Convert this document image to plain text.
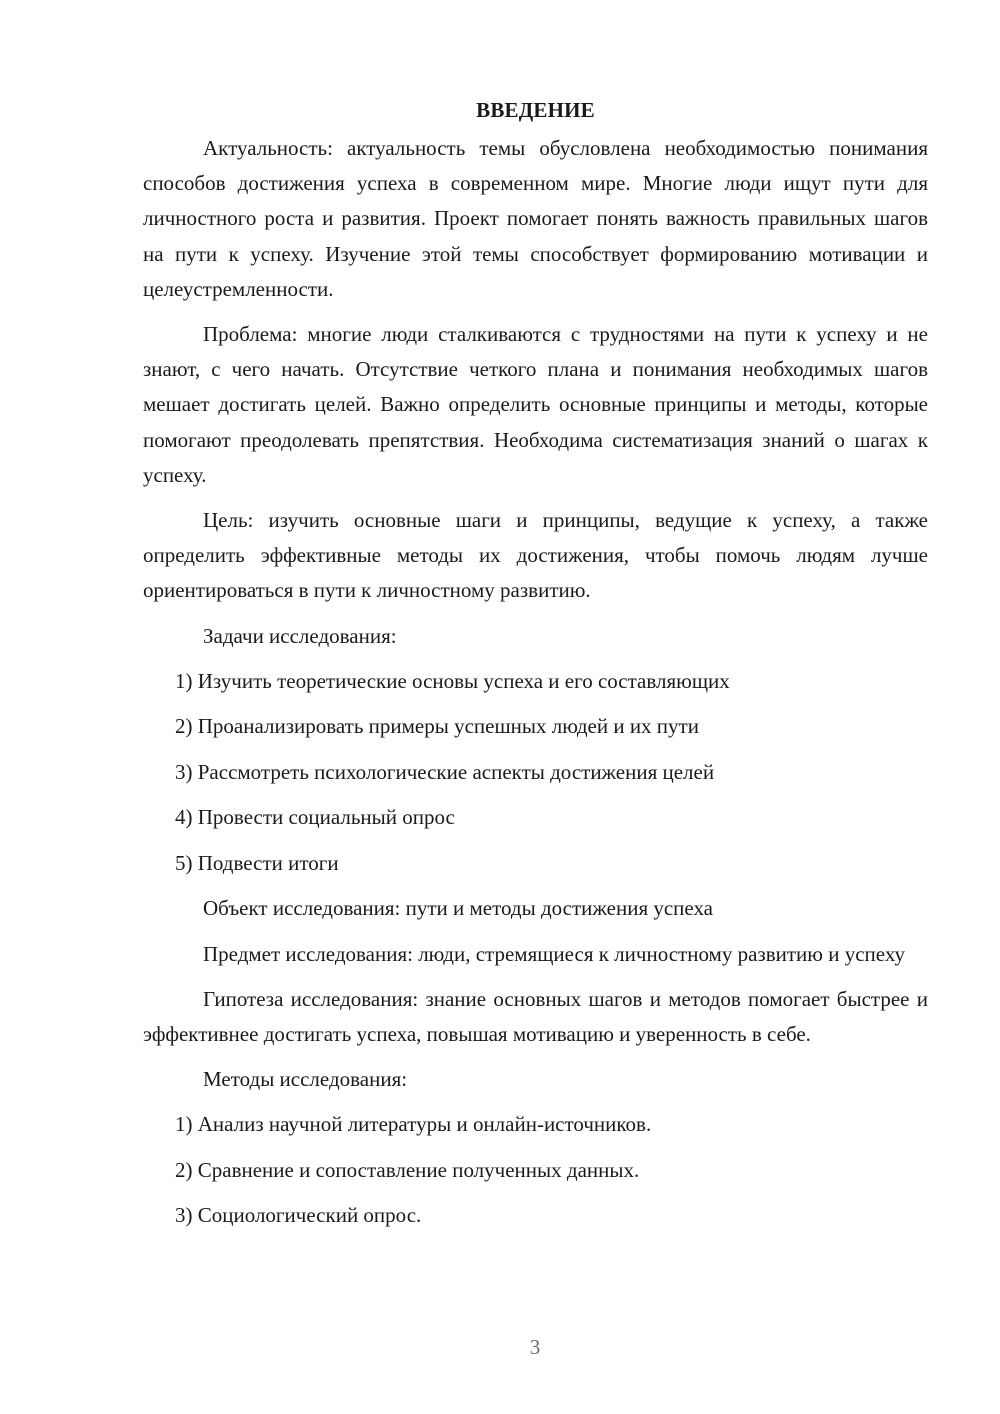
ВВЕДЕНИЕ

Актуальность: актуальность темы обусловлена необходимостью понимания способов достижения успеха в современном мире. Многие люди ищут пути для личностного роста и развития. Проект помогает понять важность правильных шагов на пути к успеху. Изучение этой темы способствует формированию мотивации и целеустремленности.

Проблема: многие люди сталкиваются с трудностями на пути к успеху и не знают, с чего начать. Отсутствие четкого плана и понимания необходимых шагов мешает достигать целей. Важно определить основные принципы и методы, которые помогают преодолевать препятствия. Необходима систематизация знаний о шагах к успеху.

Цель: изучить основные шаги и принципы, ведущие к успеху, а также определить эффективные методы их достижения, чтобы помочь людям лучше ориентироваться в пути к личностному развитию.

Задачи исследования:

1) Изучить теоретические основы успеха и его составляющих
2) Проанализировать примеры успешных людей и их пути
3) Рассмотреть психологические аспекты достижения целей
4) Провести социальный опрос
5) Подвести итоги

Объект исследования: пути и методы достижения успеха

Предмет исследования: люди, стремящиеся к личностному развитию и успеху

Гипотеза исследования: знание основных шагов и методов помогает быстрее и эффективнее достигать успеха, повышая мотивацию и уверенность в себе.

Методы исследования:

1) Анализ научной литературы и онлайн-источников.
2) Сравнение и сопоставление полученных данных.
3) Социологический опрос.
3
